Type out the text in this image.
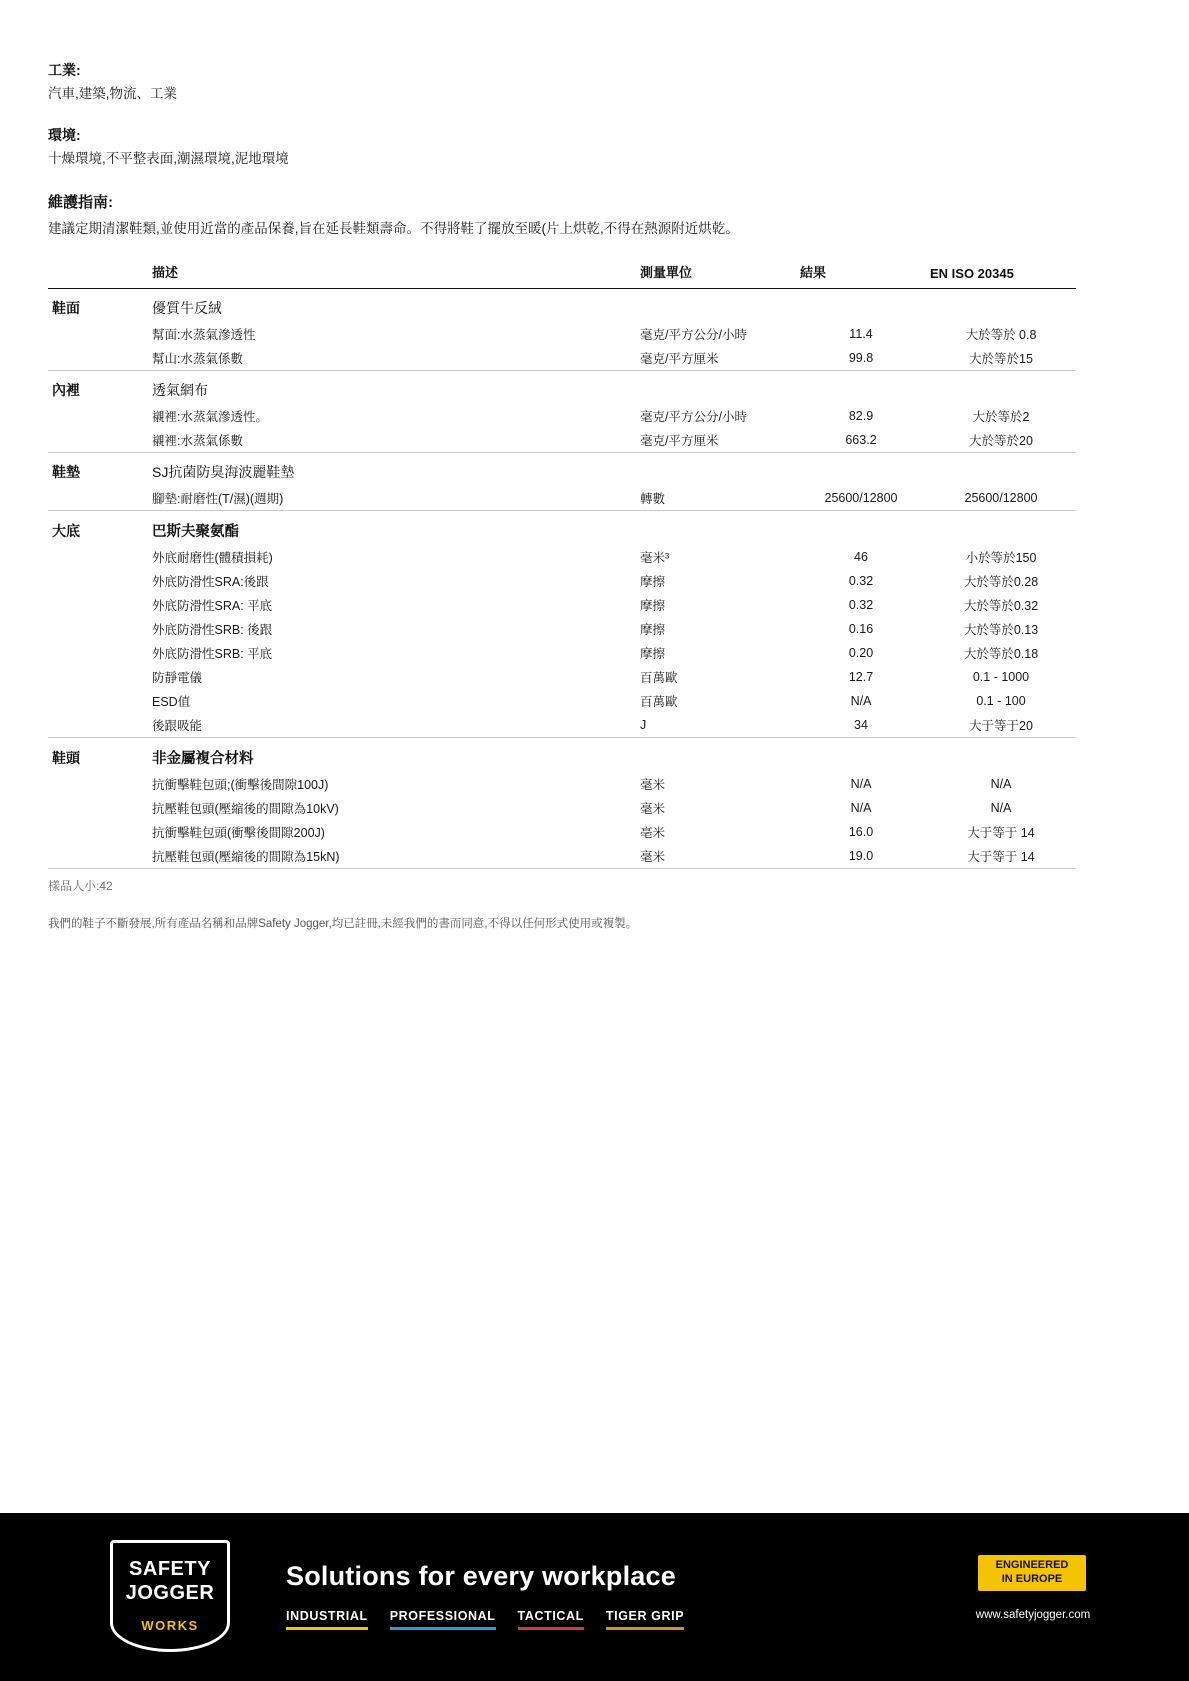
工業:
汽車,建築,物流、工業
環境:
十燥環境,不平整表面,潮濕環境,泥地環境
維護指南:
建議定期清潔鞋類,並使用近當的產品保養,旨在延長鞋類壽命。不得將鞋了擺放至暖(片上烘乾,不得在熱源附近烘乾。
	描述	測量單位	結果	EN ISO 20345
鞋面	優質牛反絨			
	幫面:水蒸氣滲透性	毫克/平方公分/小時	11.4	大於等於 0.8
	幫山:水蒸氣係數	毫克/平方厘米	99.8	大於等於15

內裡	透氣網布			
	襯裡:水蒸氣滲透性。	毫克/平方公分/小時	82.9	大於等於2
	襯裡:水蒸氣係數	毫克/平方厘米	663.2	大於等於20

鞋墊	SJ抗菌防臭海波麗鞋墊			
	腳墊:耐磨性(T/濕)(週期)	轉數	25600/12800	25600/12800

大底	巴斯夫聚氨酯			
	外底耐磨性(體積損耗)	毫米³	46	小於等於150
	外底防滑性SRA:後跟	摩擦	0.32	大於等於0.28
	外底防滑性SRA: 平底	摩擦	0.32	大於等於0.32
	外底防滑性SRB: 後跟	摩擦	0.16	大於等於0.13
	外底防滑性SRB: 平底	摩擦	0.20	大於等於0.18
	防靜電儀	百萬歐	12.7	0.1 - 1000
	ESD值	百萬歐	N/A	0.1 - 100
	後跟吸能	J	34	大于等于20

鞋頭	非金屬複合材料			
	抗衝擊鞋包頭;(衝擊後間隙100J)	毫米	N/A	N/A
	抗壓鞋包頭(壓縮後的間隙為10kV)	毫米	N/A	N/A
	抗衝擊鞋包頭(衝擊後間隙200J)	亳米	16.0	大于等于 14
	抗壓鞋包頭(壓縮後的間隙為15kN)	毫米	19.0	大于等于 14

樣品人小:42
我們的鞋子不斷發展,所有產品名稱和品牌Safety Jogger,均已註冊,未經我們的書而同意,不得以任何形式使用或複製。
SAFETY
JOGGER
WORKS
Solutions for every workplace
INDUSTRIAL PROFESSIONAL TACTICAL TIGER GRIP
ENGINEERED
IN EUROPE
www.safetyjogger.com
